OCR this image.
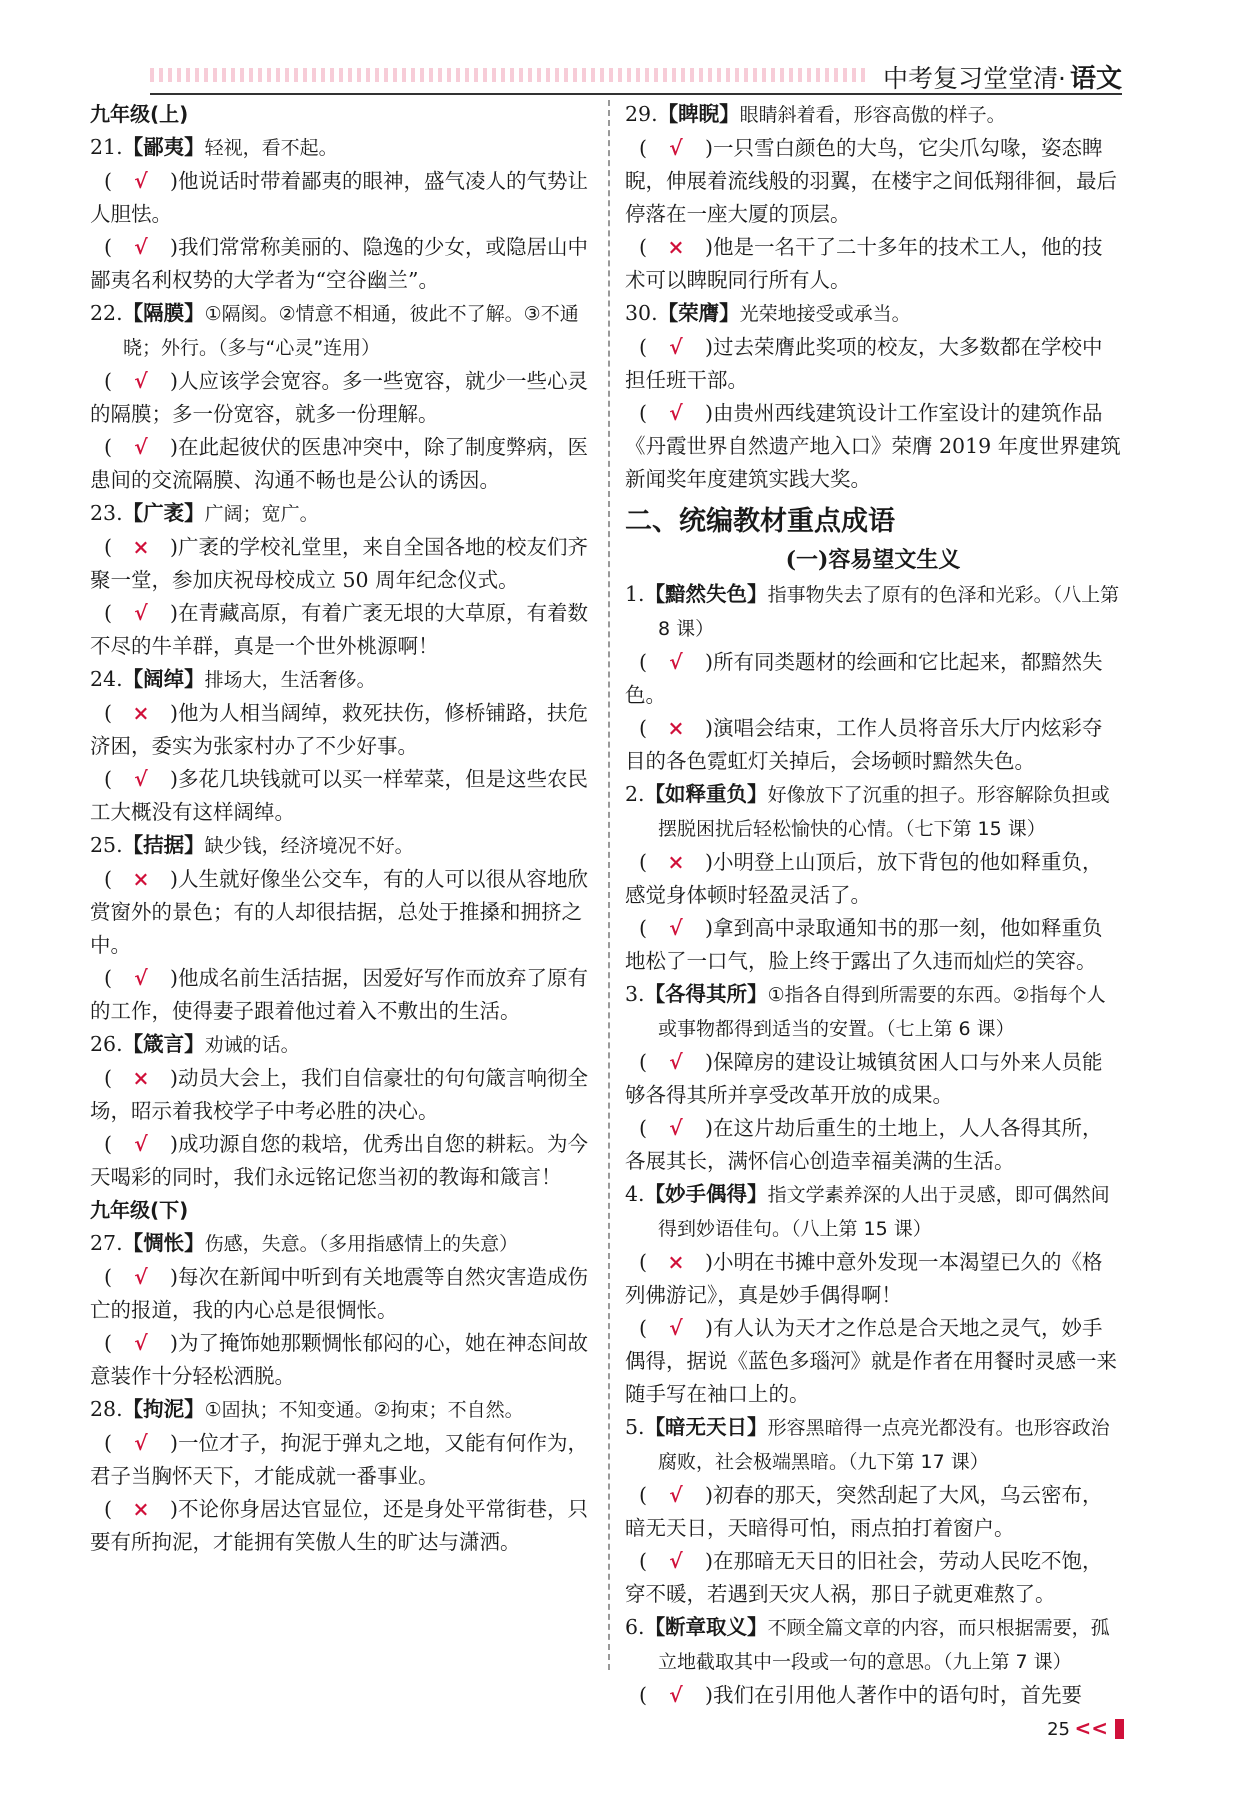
中考复习堂堂清· 语文

九年级(上)

21.【鄙夷】轻视，看不起。

( √ )他说话时带着鄙夷的眼神，盛气凌人的气势让人胆怯。

( √ )我们常常称美丽的、隐逸的少女，或隐居山中鄙夷名利权势的大学者为“空谷幽兰”。

22.【隔膜】①隔阂。②情意不相通，彼此不了解。③不通晓；外行。（多与“心灵”连用）

( √ )人应该学会宽容。多一些宽容，就少一些心灵的隔膜；多一份宽容，就多一份理解。

( √ )在此起彼伏的医患冲突中，除了制度弊病，医患间的交流隔膜、沟通不畅也是公认的诱因。

23.【广袤】广阔；宽广。

( × )广袤的学校礼堂里，来自全国各地的校友们齐聚一堂，参加庆祝母校成立 50 周年纪念仪式。

( √ )在青藏高原，有着广袤无垠的大草原，有着数不尽的牛羊群，真是一个世外桃源啊！

24.【阔绰】排场大，生活奢侈。

( × )他为人相当阔绰，救死扶伤，修桥铺路，扶危济困，委实为张家村办了不少好事。

( √ )多花几块钱就可以买一样荤菜，但是这些农民工大概没有这样阔绰。

25.【拮据】缺少钱，经济境况不好。

( × )人生就好像坐公交车，有的人可以很从容地欣赏窗外的景色；有的人却很拮据，总处于推搡和拥挤之中。

( √ )他成名前生活拮据，因爱好写作而放弃了原有的工作，使得妻子跟着他过着入不敷出的生活。

26.【箴言】劝诫的话。

( × )动员大会上，我们自信豪壮的句句箴言响彻全场，昭示着我校学子中考必胜的决心。

( √ )成功源自您的栽培，优秀出自您的耕耘。为今天喝彩的同时，我们永远铭记您当初的教诲和箴言！

九年级(下)

27.【惆怅】伤感，失意。（多用指感情上的失意）

( √ )每次在新闻中听到有关地震等自然灾害造成伤亡的报道，我的内心总是很惆怅。

( √ )为了掩饰她那颗惆怅郁闷的心，她在神态间故意装作十分轻松洒脱。

28.【拘泥】①固执；不知变通。②拘束；不自然。

( √ )一位才子，拘泥于弹丸之地，又能有何作为，君子当胸怀天下，才能成就一番事业。

( × )不论你身居达官显位，还是身处平常街巷，只要有所拘泥，才能拥有笑傲人生的旷达与潇洒。

29.【睥睨】眼睛斜着看，形容高傲的样子。

( √ )一只雪白颜色的大鸟，它尖爪勾喙，姿态睥睨，伸展着流线般的羽翼，在楼宇之间低翔徘徊，最后停落在一座大厦的顶层。

( × )他是一名干了二十多年的技术工人，他的技术可以睥睨同行所有人。

30.【荣膺】光荣地接受或承当。

( √ )过去荣膺此奖项的校友，大多数都在学校中担任班干部。

( √ )由贵州西线建筑设计工作室设计的建筑作品《丹霞世界自然遗产地入口》荣膺 2019 年度世界建筑新闻奖年度建筑实践大奖。

二、统编教材重点成语

(一)容易望文生义

1.【黯然失色】指事物失去了原有的色泽和光彩。（八上第 8 课）

( √ )所有同类题材的绘画和它比起来，都黯然失色。

( × )演唱会结束，工作人员将音乐大厅内炫彩夺目的各色霓虹灯关掉后，会场顿时黯然失色。

2.【如释重负】好像放下了沉重的担子。形容解除负担或摆脱困扰后轻松愉快的心情。（七下第 15 课）

( × )小明登上山顶后，放下背包的他如释重负，感觉身体顿时轻盈灵活了。

( √ )拿到高中录取通知书的那一刻，他如释重负地松了一口气，脸上终于露出了久违而灿烂的笑容。

3.【各得其所】①指各自得到所需要的东西。②指每个人或事物都得到适当的安置。（七上第 6 课）

( √ )保障房的建设让城镇贫困人口与外来人员能够各得其所并享受改革开放的成果。

( √ )在这片劫后重生的土地上，人人各得其所，各展其长，满怀信心创造幸福美满的生活。

4.【妙手偶得】指文学素养深的人出于灵感，即可偶然间得到妙语佳句。（八上第 15 课）

( × )小明在书摊中意外发现一本渴望已久的《格列佛游记》，真是妙手偶得啊！

( √ )有人认为天才之作总是合天地之灵气，妙手偶得，据说《蓝色多瑙河》就是作者在用餐时灵感一来随手写在袖口上的。

5.【暗无天日】形容黑暗得一点亮光都没有。也形容政治腐败，社会极端黑暗。（九下第 17 课）

( √ )初春的那天，突然刮起了大风，乌云密布，暗无天日，天暗得可怕，雨点拍打着窗户。

( √ )在那暗无天日的旧社会，劳动人民吃不饱，穿不暖，若遇到天灾人祸，那日子就更难熬了。

6.【断章取义】不顾全篇文章的内容，而只根据需要，孤立地截取其中一段或一句的意思。（九上第 7 课）

( √ )我们在引用他人著作中的语句时，首先要

25 <<
